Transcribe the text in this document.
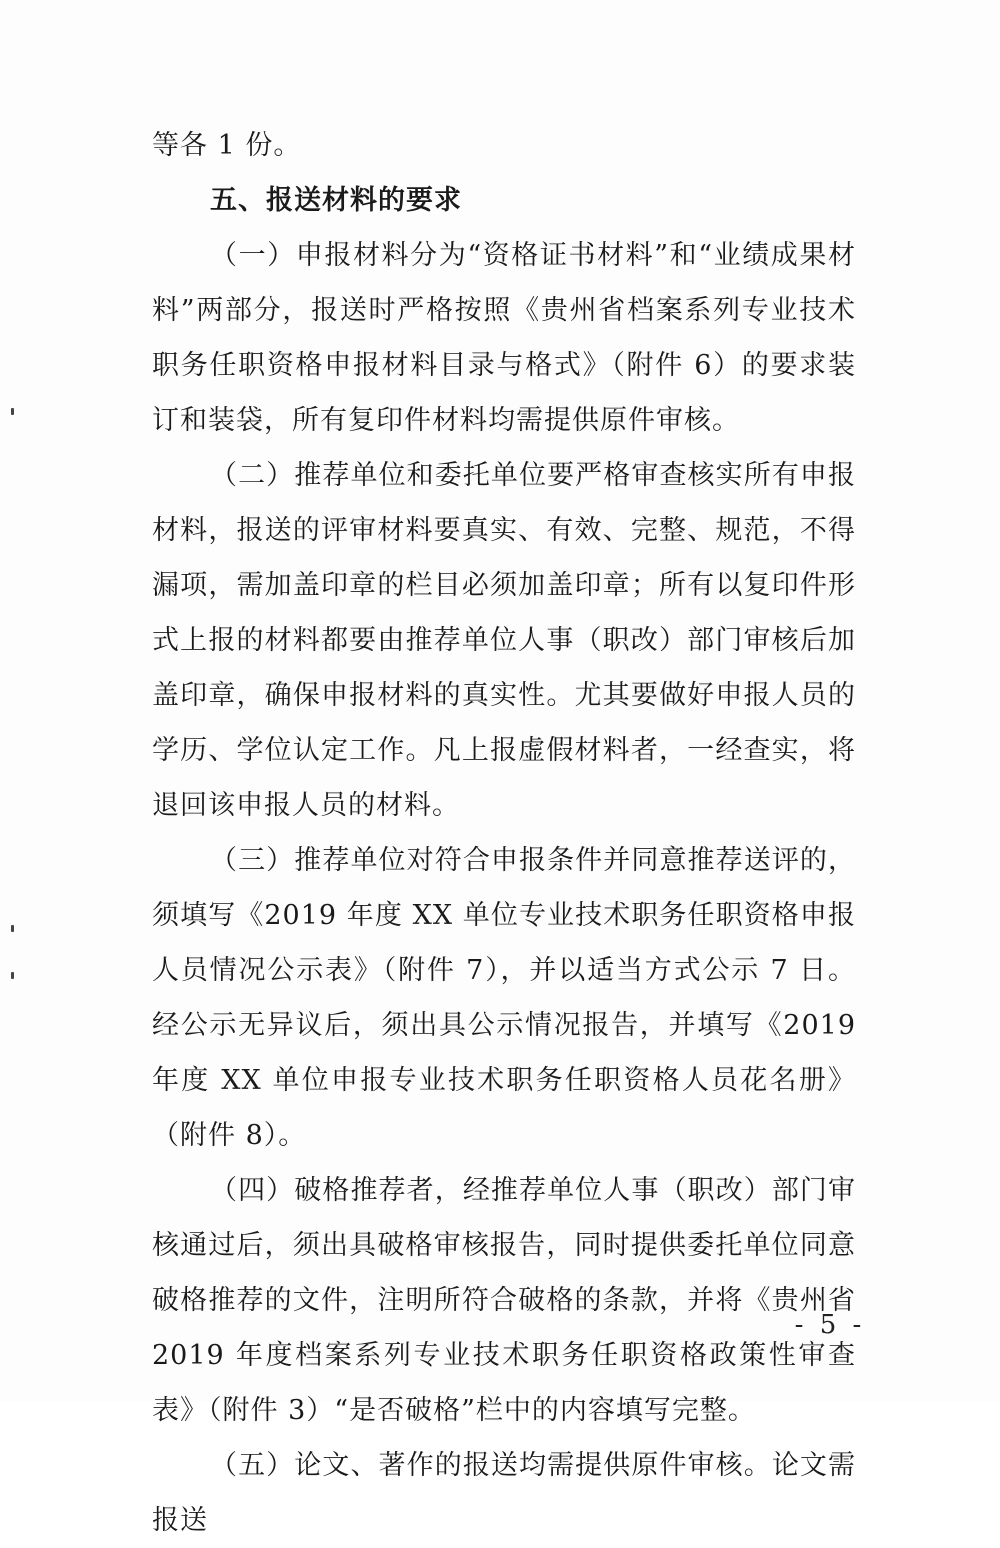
等各 1 份。

五、报送材料的要求

（一）申报材料分为“资格证书材料”和“业绩成果材料”两部分，报送时严格按照《贵州省档案系列专业技术职务任职资格申报材料目录与格式》（附件 6）的要求装订和装袋，所有复印件材料均需提供原件审核。

（二）推荐单位和委托单位要严格审查核实所有申报材料，报送的评审材料要真实、有效、完整、规范，不得漏项，需加盖印章的栏目必须加盖印章；所有以复印件形式上报的材料都要由推荐单位人事（职改）部门审核后加盖印章，确保申报材料的真实性。尤其要做好申报人员的学历、学位认定工作。凡上报虚假材料者，一经查实，将退回该申报人员的材料。

（三）推荐单位对符合申报条件并同意推荐送评的，须填写《2019 年度 XX 单位专业技术职务任职资格申报人员情况公示表》（附件 7），并以适当方式公示 7 日。经公示无异议后，须出具公示情况报告，并填写《2019 年度 XX 单位申报专业技术职务任职资格人员花名册》（附件 8）。

（四）破格推荐者，经推荐单位人事（职改）部门审核通过后，须出具破格审核报告，同时提供委托单位同意破格推荐的文件，注明所符合破格的条款，并将《贵州省 2019 年度档案系列专业技术职务任职资格政策性审查表》（附件 3）“是否破格”栏中的内容填写完整。

（五）论文、著作的报送均需提供原件审核。论文需报送

- 5 -
